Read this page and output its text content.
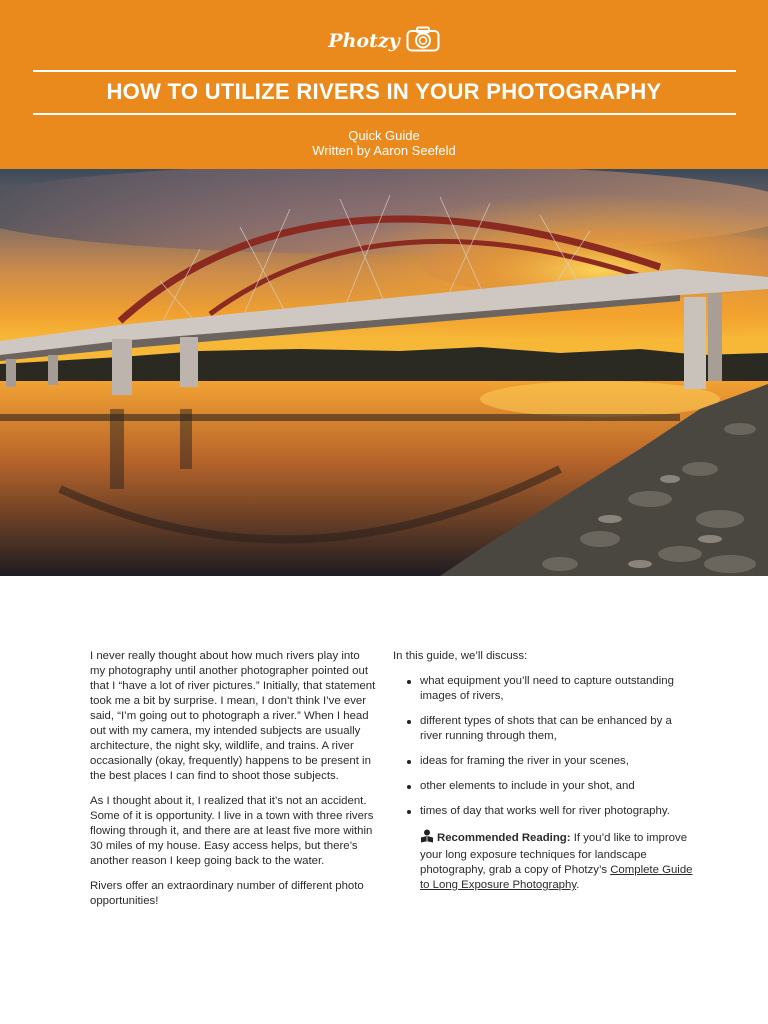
Photzy
HOW TO UTILIZE RIVERS IN YOUR PHOTOGRAPHY
Quick Guide
Written by Aaron Seefeld

I never really thought about how much rivers play into my photography until another photographer pointed out that I “have a lot of river pictures.” Initially, that statement took me a bit by surprise. I mean, I don’t think I’ve ever said, “I’m going out to photograph a river.” When I head out with my camera, my intended subjects are usually architecture, the night sky, wildlife, and trains. A river occasionally (okay, frequently) happens to be present in the best places I can find to shoot those subjects.

As I thought about it, I realized that it’s not an accident. Some of it is opportunity. I live in a town with three rivers flowing through it, and there are at least five more within 30 miles of my house. Easy access helps, but there’s another reason I keep going back to the water.

Rivers offer an extraordinary number of different photo opportunities!

In this guide, we’ll discuss:

what equipment you’ll need to capture outstanding images of rivers,
different types of shots that can be enhanced by a river running through them,
ideas for framing the river in your scenes,
other elements to include in your shot, and
times of day that works well for river photography.
Recommended Reading: If you’d like to improve your long exposure techniques for landscape photography, grab a copy of Photzy’s Complete Guide to Long Exposure Photography.
